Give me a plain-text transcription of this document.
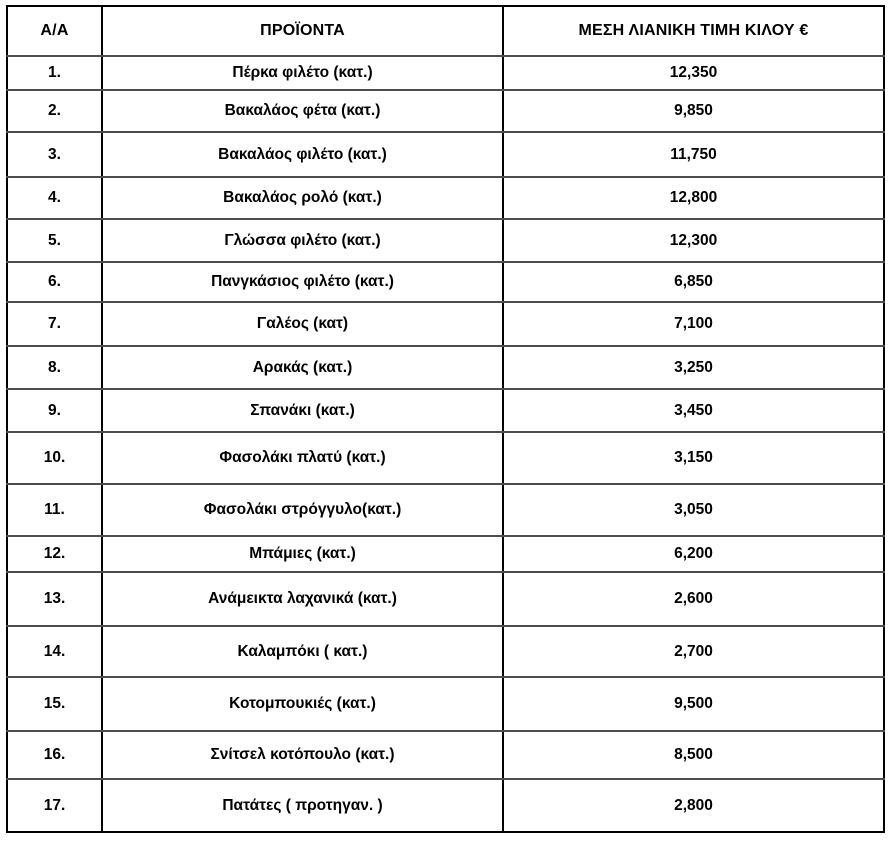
Α/Α	ΠΡΟΪΟΝΤΑ	ΜΕΣΗ ΛΙΑΝΙΚΗ ΤΙΜΗ ΚΙΛΟΥ €
1.	Πέρκα φιλέτο (κατ.)	12,350
2.	Βακαλάος φέτα (κατ.)	9,850
3.	Βακαλάος φιλέτο (κατ.)	11,750
4.	Βακαλάος ρολό (κατ.)	12,800
5.	Γλώσσα φιλέτο (κατ.)	12,300
6.	Πανγκάσιος φιλέτο (κατ.)	6,850
7.	Γαλέος (κατ)	7,100
8.	Αρακάς (κατ.)	3,250
9.	Σπανάκι (κατ.)	3,450
10.	Φασολάκι πλατύ (κατ.)	3,150
11.	Φασολάκι στρόγγυλο(κατ.)	3,050
12.	Μπάμιες (κατ.)	6,200
13.	Ανάμεικτα λαχανικά (κατ.)	2,600
14.	Καλαμπόκι ( κατ.)	2,700
15.	Κοτομπουκιές (κατ.)	9,500
16.	Σνίτσελ κοτόπουλο (κατ.)	8,500
17.	Πατάτες ( προτηγαν. )	2,800
